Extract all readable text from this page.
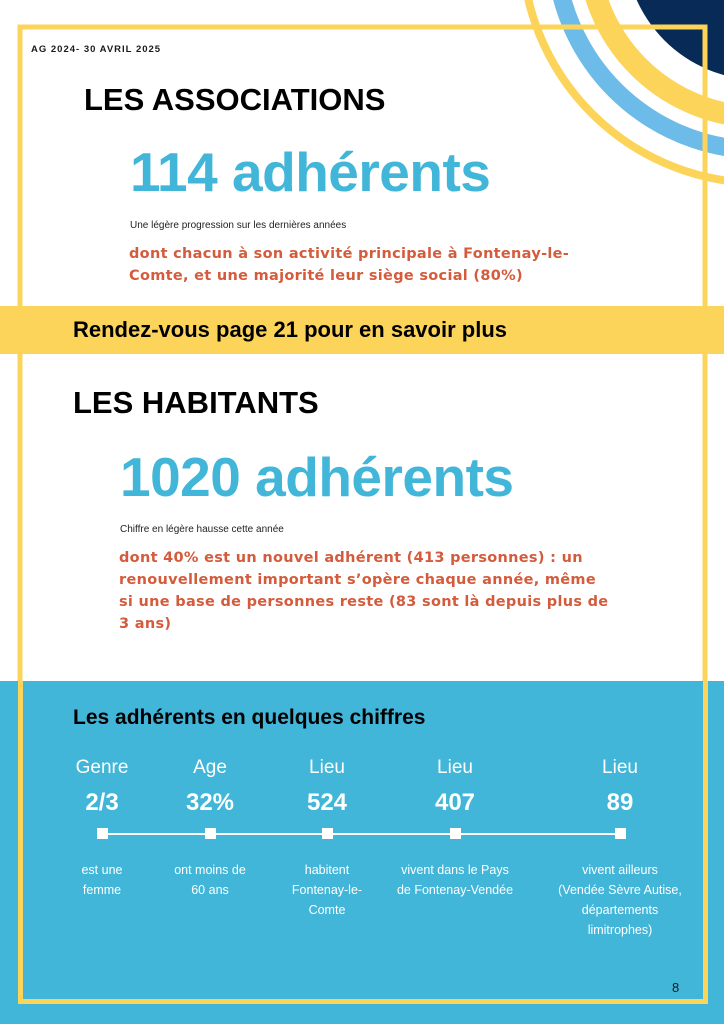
AG 2024- 30 AVRIL 2025
LES ASSOCIATIONS
114 adhérents
Une légère progression sur les dernières années
dont chacun à son activité principale à Fontenay-le-
Comte, et une majorité leur siège social (80%)
Rendez-vous page 21 pour en savoir plus
LES HABITANTS
1020 adhérents
Chiffre en légère hausse cette année
dont 40% est un nouvel adhérent (413 personnes) : un
renouvellement important s’opère chaque année, même
si une base de personnes reste (83 sont là depuis plus de
3 ans)
Les adhérents en quelques chiffres
Genre
2/3
est une
femme
Age
32%
ont moins de
60 ans
Lieu
524
habitent
Fontenay-le-
Comte
Lieu
407
vivent dans le Pays
de Fontenay-Vendée
Lieu
89
vivent ailleurs
(Vendée Sèvre Autise,
départements
limitrophes)
8
